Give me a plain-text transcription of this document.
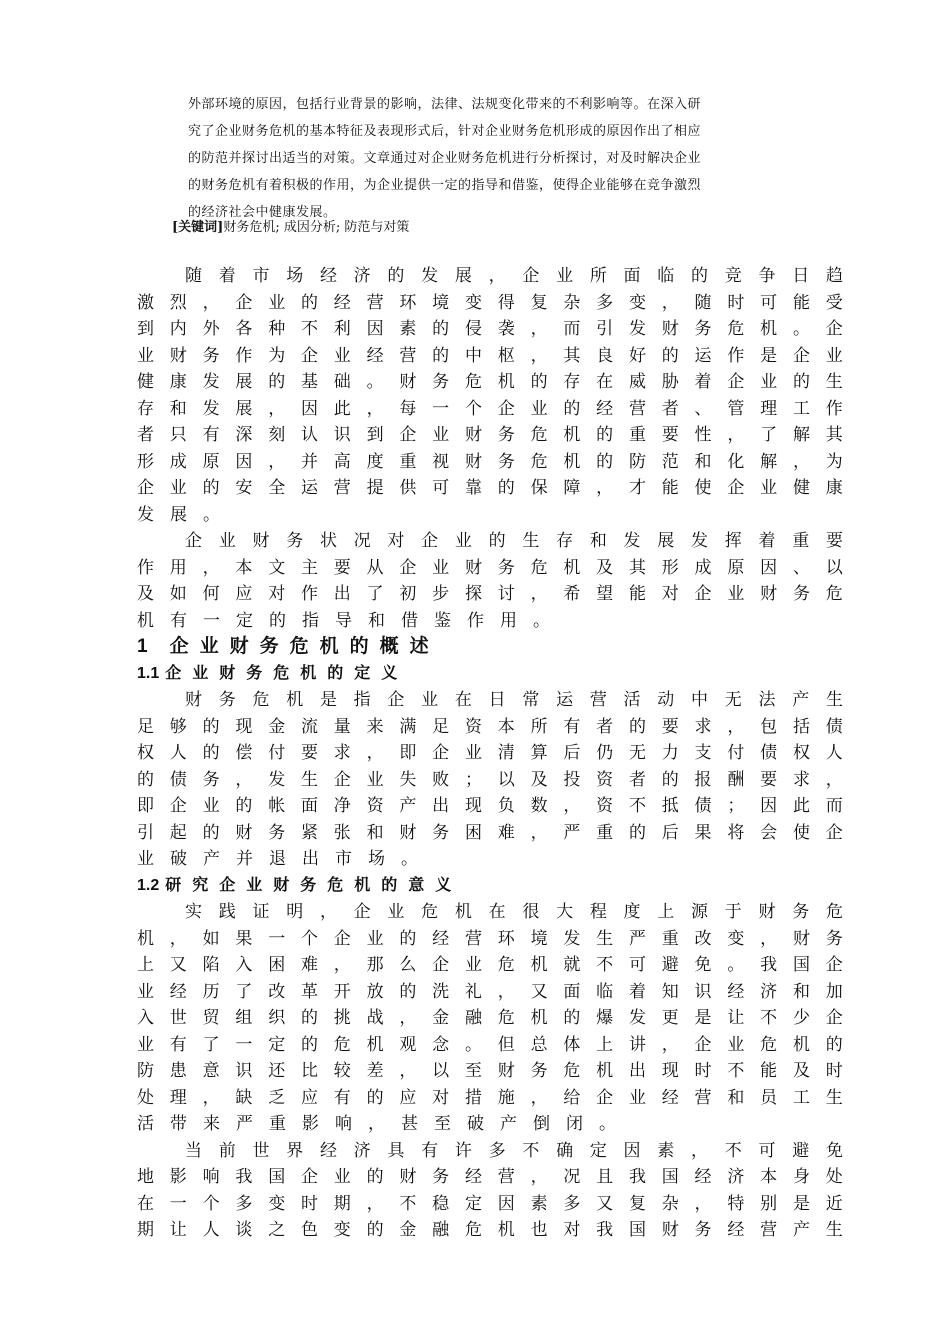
外部环境的原因，包括行业背景的影响，法律、法规变化带来的不利影响等。在深入研

究了企业财务危机的基本特征及表现形式后，针对企业财务危机形成的原因作出了相应

的防范并探讨出适当的对策。文章通过对企业财务危机进行分析探讨，对及时解决企业

的财务危机有着积极的作用，为企业提供一定的指导和借鉴，使得企业能够在竞争激烈

的经济社会中健康发展。

[关键词]财务危机; 成因分析; 防范与对策

随 着 市 场 经 济 的 发 展 ， 企 业 所 面 临 的 竞 争 日 趋
激 烈 ， 企 业 的 经 营 环 境 变 得 复 杂 多 变 ， 随 时 可 能 受
到 内 外 各 种 不 利 因 素 的 侵 袭 ， 而 引 发 财 务 危 机 。 企
业 财 务 作 为 企 业 经 营 的 中 枢 ， 其 良 好 的 运 作 是 企 业
健 康 发 展 的 基 础 。 财 务 危 机 的 存 在 威 胁 着 企 业 的 生
存 和 发 展 ， 因 此 ， 每 一 个 企 业 的 经 营 者 、 管 理 工 作
者 只 有 深 刻 认 识 到 企 业 财 务 危 机 的 重 要 性 ， 了 解 其
形 成 原 因 ， 并 高 度 重 视 财 务 危 机 的 防 范 和 化 解 ， 为
企 业 的 安 全 运 营 提 供 可 靠 的 保 障 ， 才 能 使 企 业 健 康
发 展 。
企 业 财 务 状 况 对 企 业 的 生 存 和 发 展 发 挥 着 重 要
作 用 ， 本 文 主 要 从 企 业 财 务 危 机 及 其 形 成 原 因 、 以
及 如 何 应 对 作 出 了 初 步 探 讨 ， 希 望 能 对 企 业 财 务 危
机 有 一 定 的 指 导 和 借 鉴 作 用 。
1 企业财务危机的概述
1.1 企业财务危机的定义
财 务 危 机 是 指 企 业 在 日 常 运 营 活 动 中 无 法 产 生
足 够 的 现 金 流 量 来 满 足 资 本 所 有 者 的 要 求 ， 包 括 债
权 人 的 偿 付 要 求 ， 即 企 业 清 算 后 仍 无 力 支 付 债 权 人
的 债 务 ， 发 生 企 业 失 败 ； 以 及 投 资 者 的 报 酬 要 求 ，
即 企 业 的 帐 面 净 资 产 出 现 负 数 ， 资 不 抵 债 ； 因 此 而
引 起 的 财 务 紧 张 和 财 务 困 难 ， 严 重 的 后 果 将 会 使 企
业 破 产 并 退 出 市 场 。
1.2 研究企业财务危机的意义
实 践 证 明 ， 企 业 危 机 在 很 大 程 度 上 源 于 财 务 危
机 ， 如 果 一 个 企 业 的 经 营 环 境 发 生 严 重 改 变 ， 财 务
上 又 陷 入 困 难 ， 那 么 企 业 危 机 就 不 可 避 免 。 我 国 企
业 经 历 了 改 革 开 放 的 洗 礼 ， 又 面 临 着 知 识 经 济 和 加
入 世 贸 组 织 的 挑 战 ， 金 融 危 机 的 爆 发 更 是 让 不 少 企
业 有 了 一 定 的 危 机 观 念 。 但 总 体 上 讲 ， 企 业 危 机 的
防 患 意 识 还 比 较 差 ， 以 至 财 务 危 机 出 现 时 不 能 及 时
处 理 ， 缺 乏 应 有 的 应 对 措 施 ， 给 企 业 经 营 和 员 工 生
活 带 来 严 重 影 响 ， 甚 至 破 产 倒 闭 。
当 前 世 界 经 济 具 有 许 多 不 确 定 因 素 ， 不 可 避 免
地 影 响 我 国 企 业 的 财 务 经 营 ， 况 且 我 国 经 济 本 身 处
在 一 个 多 变 时 期 ， 不 稳 定 因 素 多 又 复 杂 ， 特 别 是 近
期 让 人 谈 之 色 变 的 金 融 危 机 也 对 我 国 财 务 经 营 产 生
